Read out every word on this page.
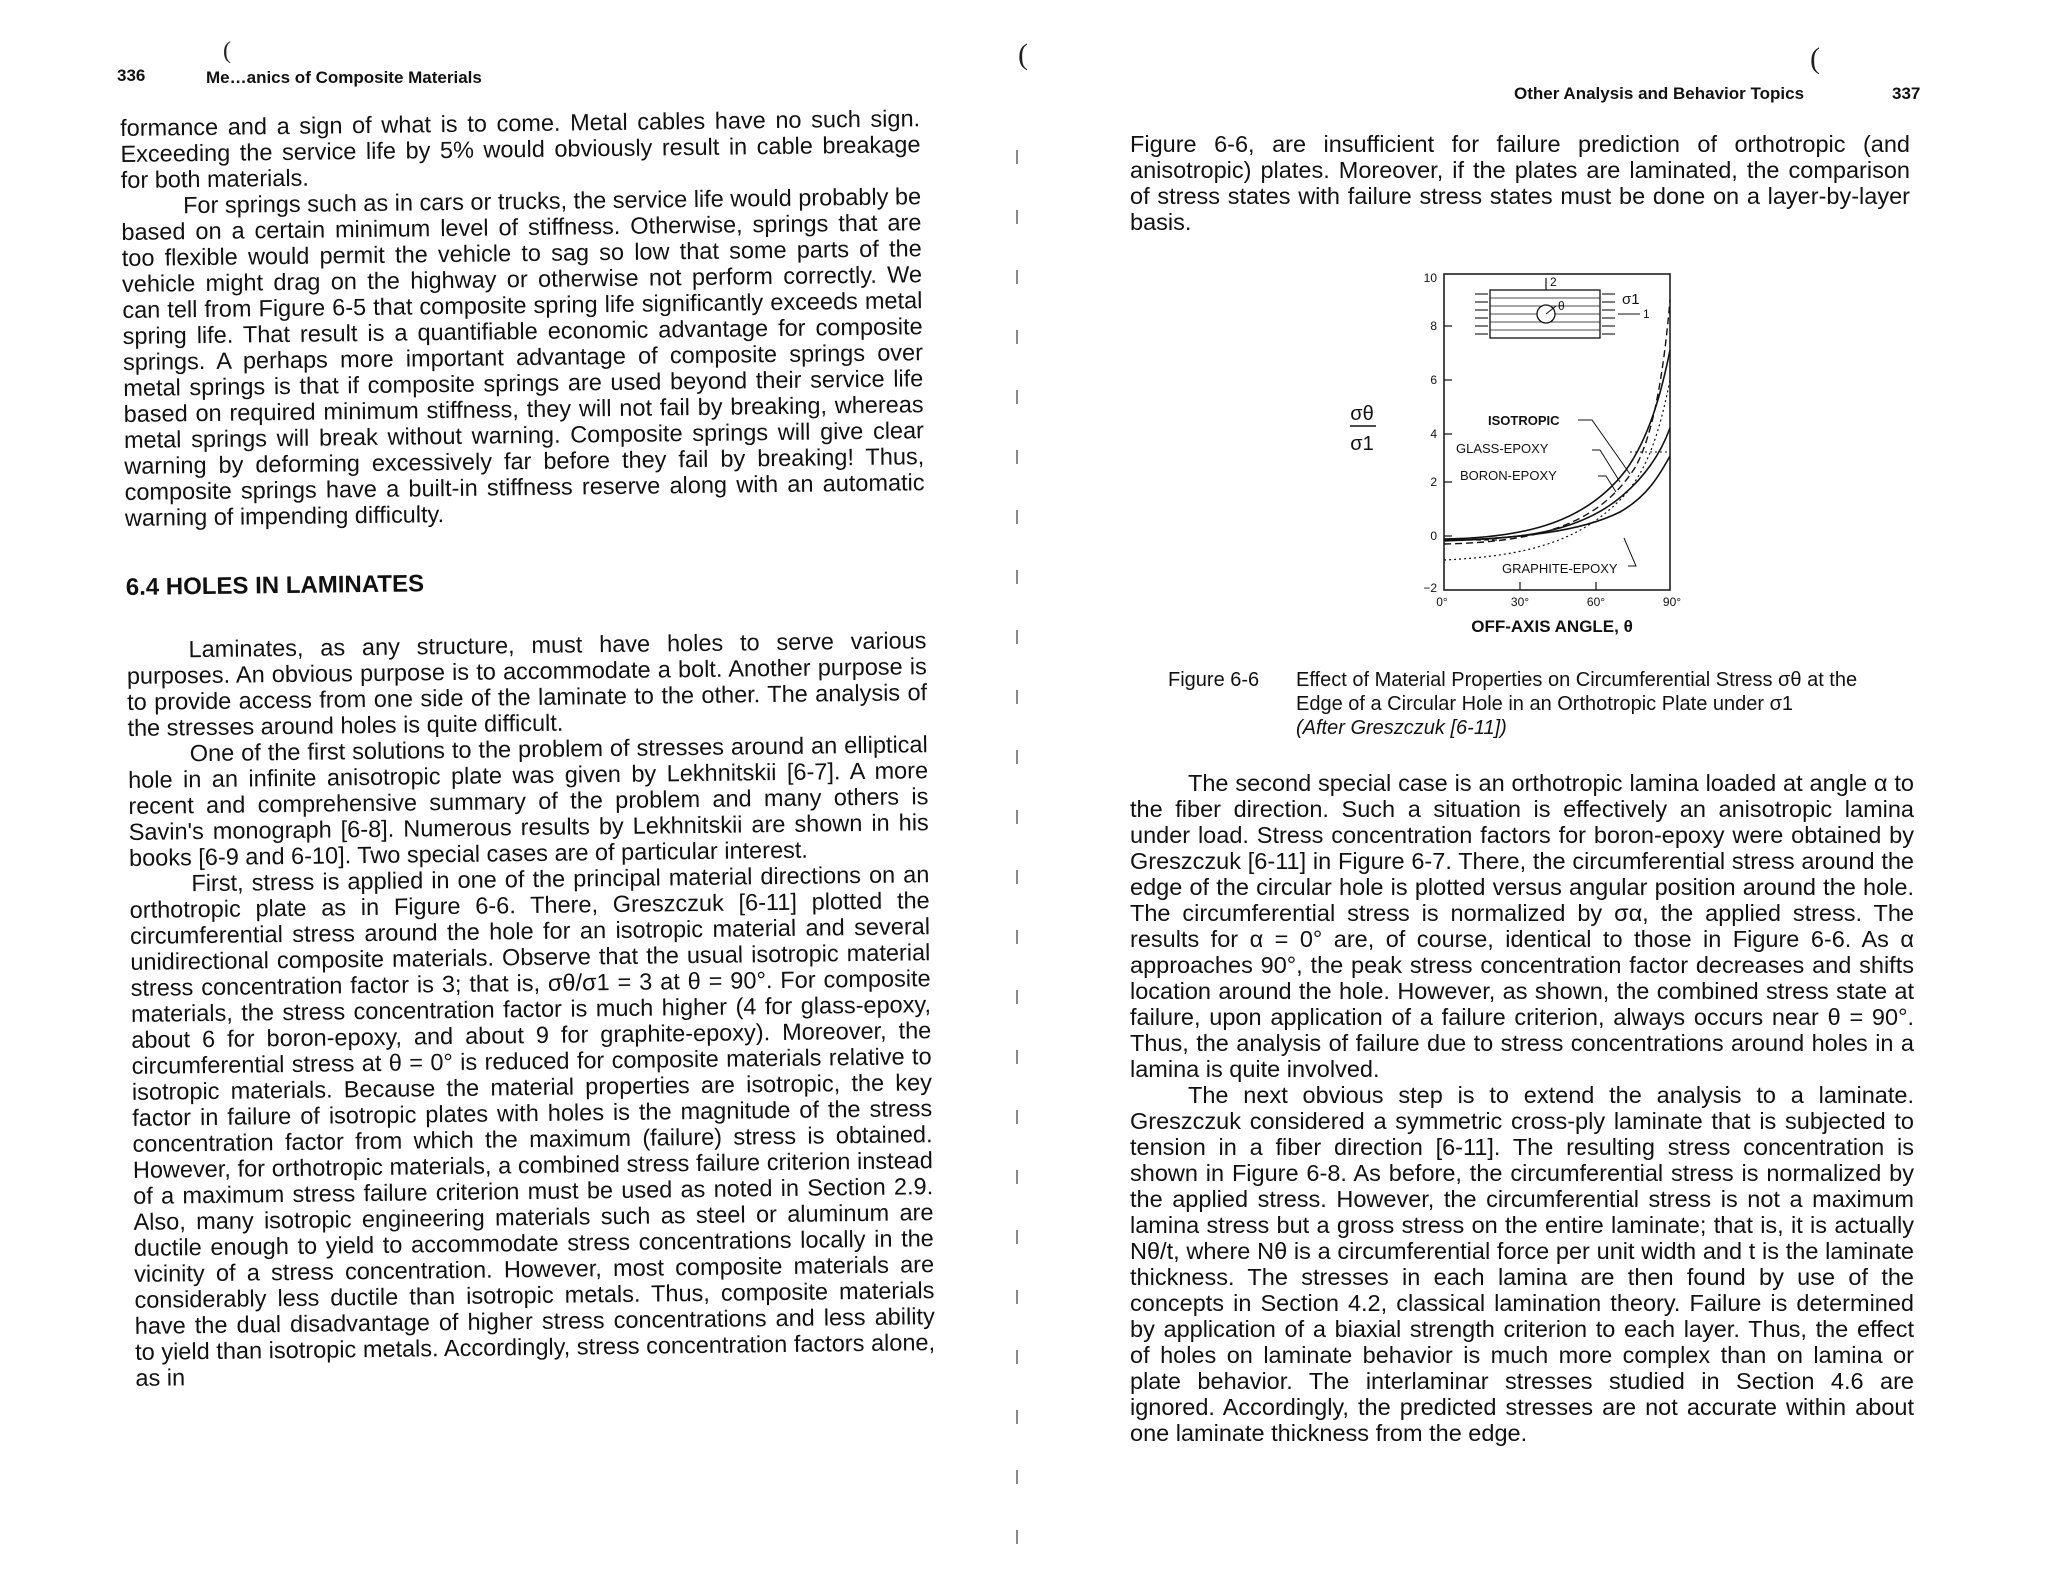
336	Me…anics of Composite Materials

formance and a sign of what is to come. Metal cables have no such sign. Exceeding the service life by 5% would obviously result in cable breakage for both materials.

For springs such as in cars or trucks, the service life would probably be based on a certain minimum level of stiffness. Otherwise, springs that are too flexible would permit the vehicle to sag so low that some parts of the vehicle might drag on the highway or otherwise not perform correctly. We can tell from Figure 6-5 that composite spring life significantly exceeds metal spring life. That result is a quantifiable economic advantage for composite springs. A perhaps more important advantage of composite springs over metal springs is that if composite springs are used beyond their service life based on required minimum stiffness, they will not fail by breaking, whereas metal springs will break without warning. Composite springs will give clear warning by deforming excessively far before they fail by breaking! Thus, composite springs have a built-in stiffness reserve along with an automatic warning of impending difficulty.

6.4 HOLES IN LAMINATES

Laminates, as any structure, must have holes to serve various purposes. An obvious purpose is to accommodate a bolt. Another purpose is to provide access from one side of the laminate to the other. The analysis of the stresses around holes is quite difficult.

One of the first solutions to the problem of stresses around an elliptical hole in an infinite anisotropic plate was given by Lekhnitskii [6-7]. A more recent and comprehensive summary of the problem and many others is Savin's monograph [6-8]. Numerous results by Lekhnitskii are shown in his books [6-9 and 6-10]. Two special cases are of particular interest.

First, stress is applied in one of the principal material directions on an orthotropic plate as in Figure 6-6. There, Greszczuk [6-11] plotted the circumferential stress around the hole for an isotropic material and several unidirectional composite materials. Observe that the usual isotropic material stress concentration factor is 3; that is, σθ/σ1 = 3 at θ = 90°. For composite materials, the stress concentration factor is much higher (4 for glass-epoxy, about 6 for boron-epoxy, and about 9 for graphite-epoxy). Moreover, the circumferential stress at θ = 0° is reduced for composite materials relative to isotropic materials. Because the material properties are isotropic, the key factor in failure of isotropic plates with holes is the magnitude of the stress concentration factor from which the maximum (failure) stress is obtained. However, for orthotropic materials, a combined stress failure criterion instead of a maximum stress failure criterion must be used as noted in Section 2.9. Also, many isotropic engineering materials such as steel or aluminum are ductile enough to yield to accommodate stress concentrations locally in the vicinity of a stress concentration. However, most composite materials are considerably less ductile than isotropic metals. Thus, composite materials have the dual disadvantage of higher stress concentrations and less ability to yield than isotropic metals. Accordingly, stress concentration factors alone, as in

(	(
(
Other Analysis and Behavior Topics	337

Figure 6-6, are insufficient for failure prediction of orthotropic (and anisotropic) plates. Moreover, if the plates are laminated, the comparison of stress states with failure stress states must be done on a layer-by-layer basis.

The second special case is an orthotropic lamina loaded at angle α to the fiber direction. Such a situation is effectively an anisotropic lamina under load. Stress concentration factors for boron-epoxy were obtained by Greszczuk [6-11] in Figure 6-7. There, the circumferential stress around the edge of the circular hole is plotted versus angular position around the hole. The circumferential stress is normalized by σα, the applied stress. The results for α = 0° are, of course, identical to those in Figure 6-6. As α approaches 90°, the peak stress concentration factor decreases and shifts location around the hole. However, as shown, the combined stress state at failure, upon application of a failure criterion, always occurs near θ = 90°. Thus, the analysis of failure due to stress concentrations around holes in a lamina is quite involved.

The next obvious step is to extend the analysis to a laminate. Greszczuk considered a symmetric cross-ply laminate that is subjected to tension in a fiber direction [6-11]. The resulting stress concentration is shown in Figure 6-8. As before, the circumferential stress is normalized by the applied stress. However, the circumferential stress is not a maximum lamina stress but a gross stress on the entire laminate; that is, it is actually Nθ/t, where Nθ is a circumferential force per unit width and t is the laminate thickness. The stresses in each lamina are then found by use of the concepts in Section 4.2, classical lamination theory. Failure is determined by application of a biaxial strength criterion to each layer. Thus, the effect of holes on laminate behavior is much more complex than on lamina or plate behavior. The interlaminar stresses studied in Section 4.6 are ignored. Accordingly, the predicted stresses are not accurate within about one laminate thickness from the edge.

σθ
σ1
10
8
6
4
2
0
−2
0°	30°	60°	90°
OFF-AXIS ANGLE, θ
2
θ	σ1
1
ISOTROPIC
GLASS-EPOXY
BORON-EPOXY
GRAPHITE-EPOXY
Figure 6-6 Effect of Material Properties on Circumferential Stress σθ at the Edge of a Circular Hole in an Orthotropic Plate under σ1
(After Greszczuk [6-11])
